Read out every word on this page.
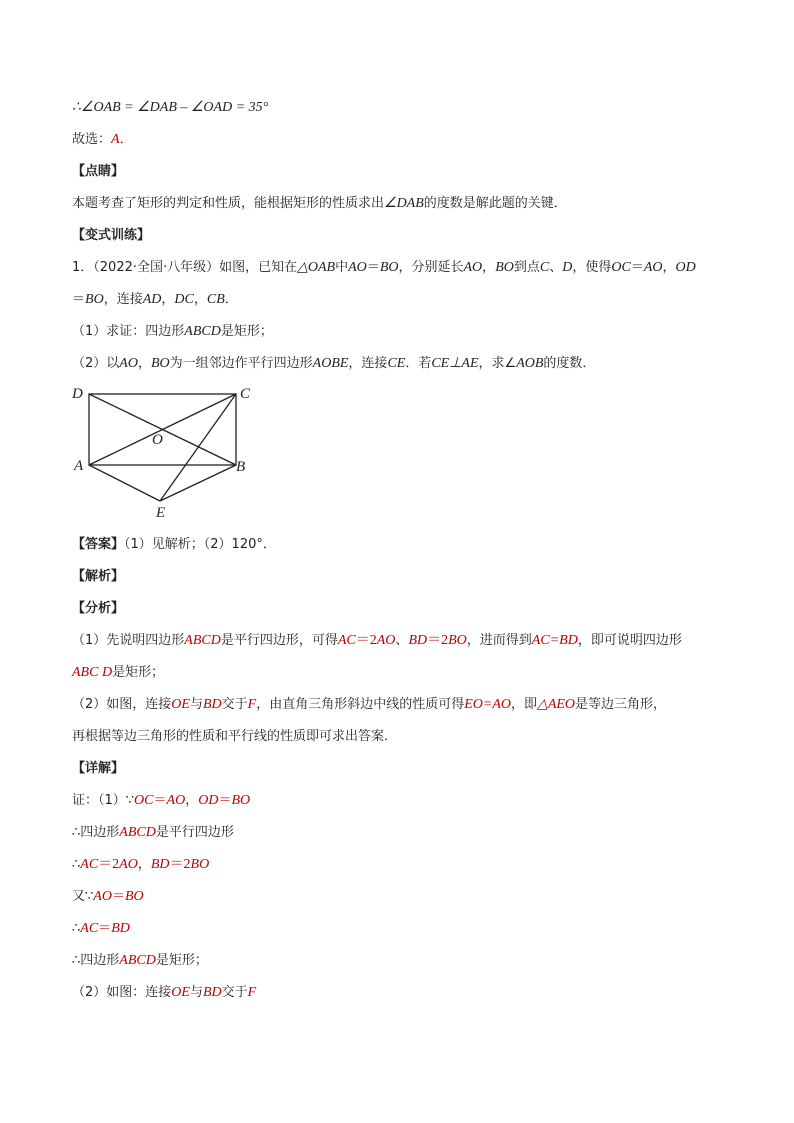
∴∠OAB = ∠DAB – ∠OAD = 35°
故选：A．
【点睛】
本题考查了矩形的判定和性质，能根据矩形的性质求出∠DAB的度数是解此题的关键．
【变式训练】
1．（2022·全国·八年级）如图，已知在△OAB中AO＝BO，分别延长AO，BO到点C、D，使得OC＝AO，OD
＝BO，连接AD，DC，CB．
（1）求证：四边形ABCD是矩形；
（2）以AO，BO为一组邻边作平行四边形AOBE，连接CE．若CE⊥AE，求∠AOB的度数．
D	C
O
A	B
E
【答案】（1）见解析；（2）120°．
【解析】
【分析】
（1）先说明四边形ABCD是平行四边形，可得AC＝2AO、BD＝2BO，进而得到AC=BD，即可说明四边形
ABC D是矩形；
（2）如图，连接OE与BD交于F，由直角三角形斜边中线的性质可得EO=AO，即△AEO是等边三角形，
再根据等边三角形的性质和平行线的性质即可求出答案．
【详解】
证：（1）∵OC＝AO，OD＝BO
∴四边形ABCD是平行四边形
∴AC＝2AO，BD＝2BO
又∵AO＝BO
∴AC＝BD
∴四边形ABCD是矩形；
（2）如图：连接OE与BD交于F
